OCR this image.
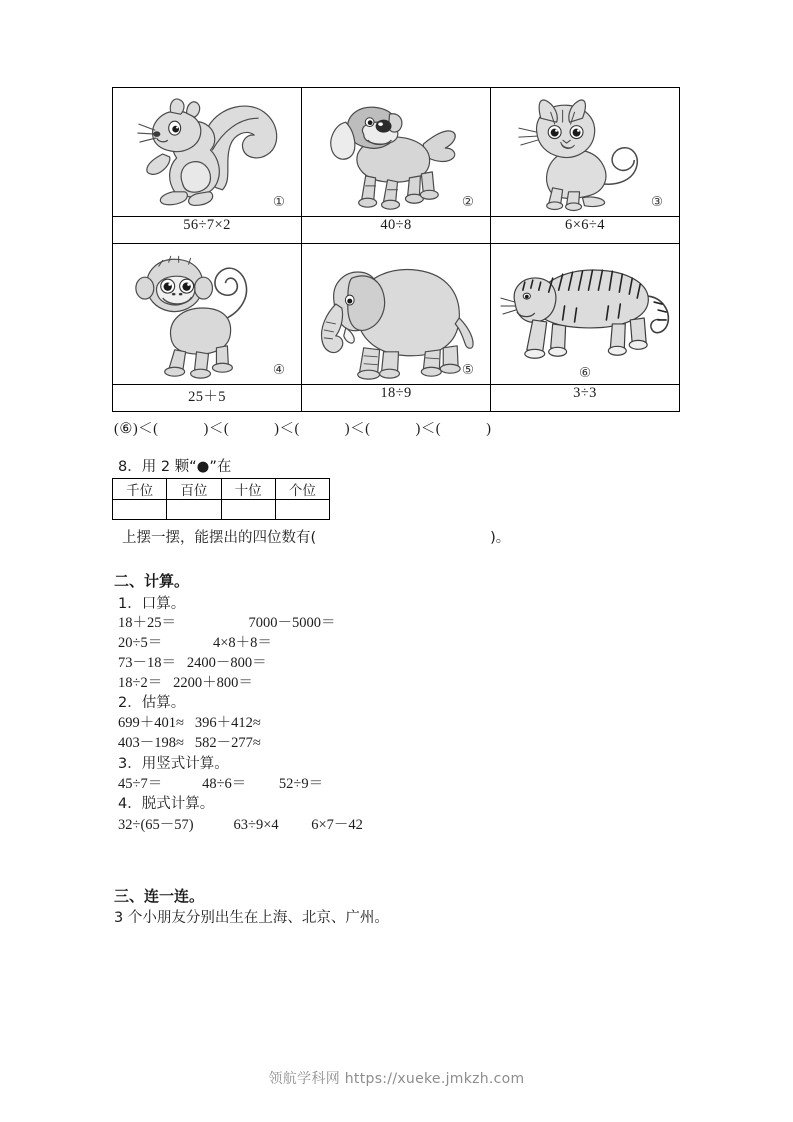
①	②	③

56÷7×2	40÷8	6×6÷4

④	⑤	⑥

25＋5	18÷9	3÷3
(⑥)＜(　　　)＜(　　　)＜(　　　)＜(　　　)＜(　　　)
8．用 2 颗“●”在
千位	百位	十位	个位

上摆一摆，能摆出的四位数有(　　　　　　　　　　　　)。
二、计算。
1．口算。
18＋25＝                    7000－5000＝
20÷5＝              4×8＋8＝
73－18＝   2400－800＝
18÷2＝   2200＋800＝
2．估算。
699＋401≈   396＋412≈
403－198≈   582－277≈
3．用竖式计算。
45÷7＝           48÷6＝         52÷9＝
4．脱式计算。
32÷(65－57)           63÷9×4         6×7－42
三、连一连。
3 个小朋友分别出生在上海、北京、广州。
领航学科网 https://xueke.jmkzh.com
